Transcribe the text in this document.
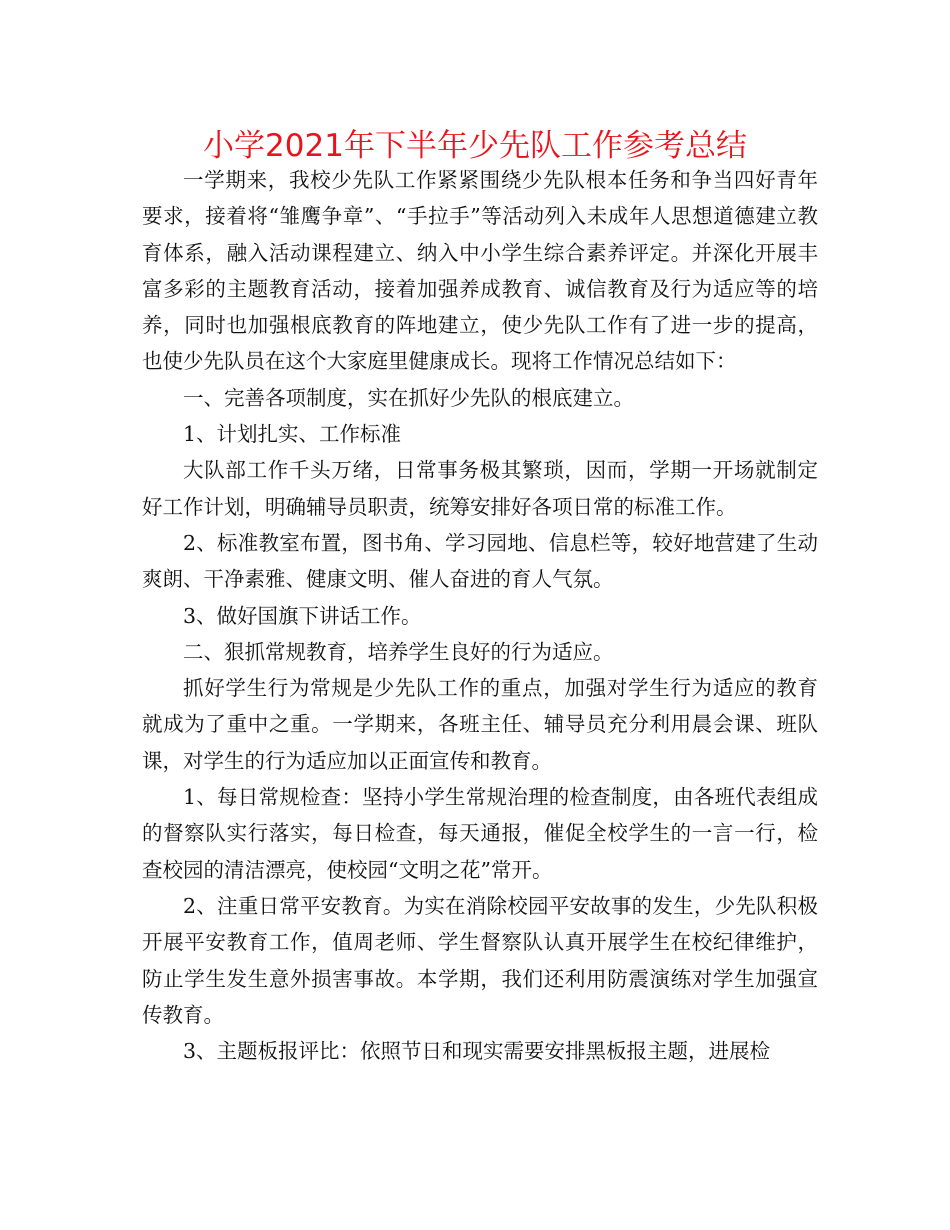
小学2021年下半年少先队工作参考总结

一学期来，我校少先队工作紧紧围绕少先队根本任务和争当四好青年要求，接着将“雏鹰争章”、“手拉手”等活动列入未成年人思想道德建立教育体系，融入活动课程建立、纳入中小学生综合素养评定。并深化开展丰富多彩的主题教育活动，接着加强养成教育、诚信教育及行为适应等的培养，同时也加强根底教育的阵地建立，使少先队工作有了进一步的提高，也使少先队员在这个大家庭里健康成长。现将工作情况总结如下：

一、完善各项制度，实在抓好少先队的根底建立。

1、计划扎实、工作标准

大队部工作千头万绪，日常事务极其繁琐，因而，学期一开场就制定好工作计划，明确辅导员职责，统筹安排好各项日常的标准工作。

2、标准教室布置，图书角、学习园地、信息栏等，较好地营建了生动爽朗、干净素雅、健康文明、催人奋进的育人气氛。

3、做好国旗下讲话工作。

二、狠抓常规教育，培养学生良好的行为适应。

抓好学生行为常规是少先队工作的重点，加强对学生行为适应的教育就成为了重中之重。一学期来，各班主任、辅导员充分利用晨会课、班队课，对学生的行为适应加以正面宣传和教育。

1、每日常规检查：坚持小学生常规治理的检查制度，由各班代表组成的督察队实行落实，每日检查，每天通报，催促全校学生的一言一行，检查校园的清洁漂亮，使校园“文明之花”常开。

2、注重日常平安教育。为实在消除校园平安故事的发生，少先队积极开展平安教育工作，值周老师、学生督察队认真开展学生在校纪律维护，防止学生发生意外损害事故。本学期，我们还利用防震演练对学生加强宣传教育。

3、主题板报评比：依照节日和现实需要安排黑板报主题，进展检
